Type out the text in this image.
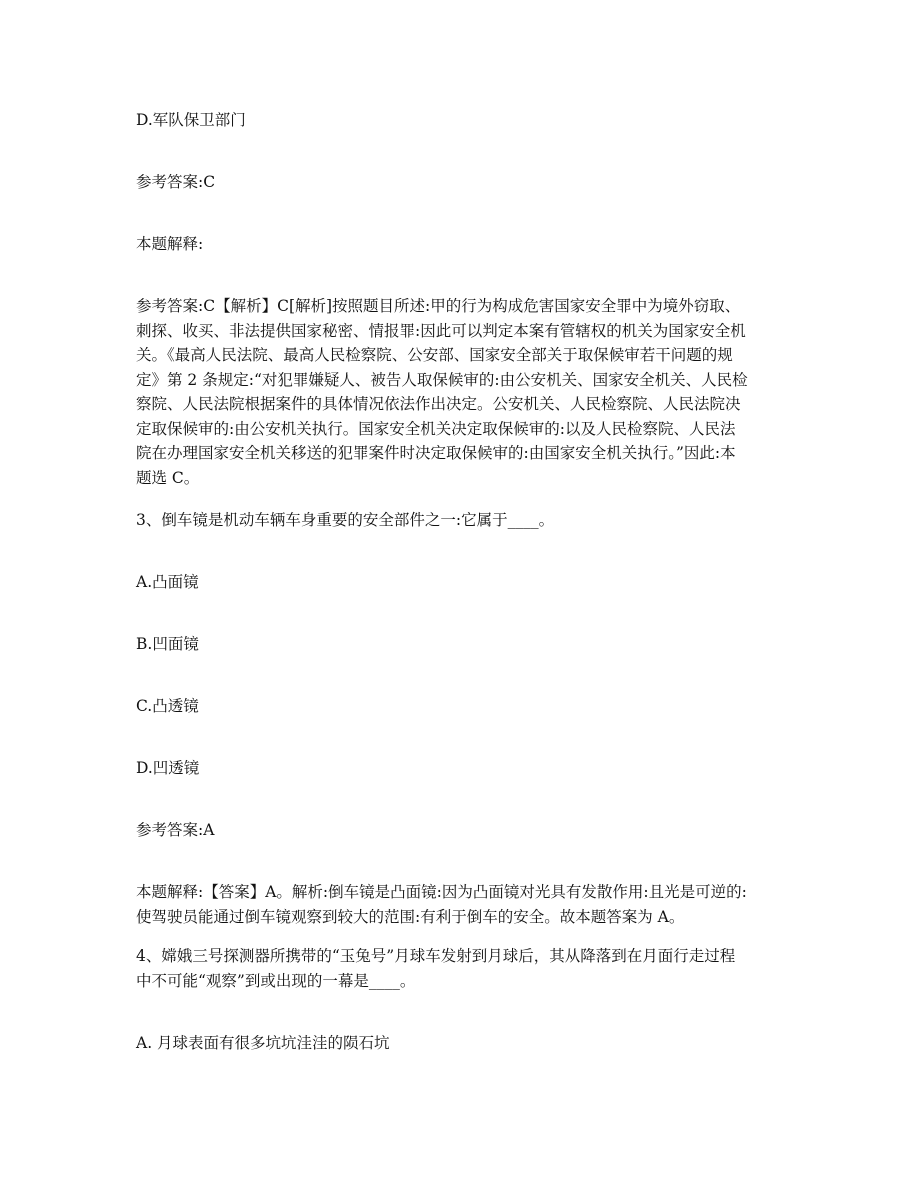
D.军队保卫部门

参考答案:C

本题解释:

参考答案:C【解析】C[解析]按照题目所述:甲的行为构成危害国家安全罪中为境外窃取、
刺探、收买、非法提供国家秘密、情报罪:因此可以判定本案有管辖权的机关为国家安全机
关。《最高人民法院、最高人民检察院、公安部、国家安全部关于取保候审若干问题的规
定》第 2 条规定:“对犯罪嫌疑人、被告人取保候审的:由公安机关、国家安全机关、人民检
察院、人民法院根据案件的具体情况依法作出决定。公安机关、人民检察院、人民法院决
定取保候审的:由公安机关执行。国家安全机关决定取保候审的:以及人民检察院、人民法
院在办理国家安全机关移送的犯罪案件时决定取保候审的:由国家安全机关执行。”因此:本
题选 C。

3、倒车镜是机动车辆车身重要的安全部件之一:它属于____。

A.凸面镜

B.凹面镜

C.凸透镜

D.凹透镜

参考答案:A

本题解释:【答案】A。解析:倒车镜是凸面镜:因为凸面镜对光具有发散作用:且光是可逆的:
使驾驶员能通过倒车镜观察到较大的范围:有利于倒车的安全。故本题答案为 A。
4、嫦娥三号探测器所携带的“玉兔号”月球车发射到月球后，其从降落到在月面行走过程
中不可能“观察”到或出现的一幕是____。

A. 月球表面有很多坑坑洼洼的陨石坑
